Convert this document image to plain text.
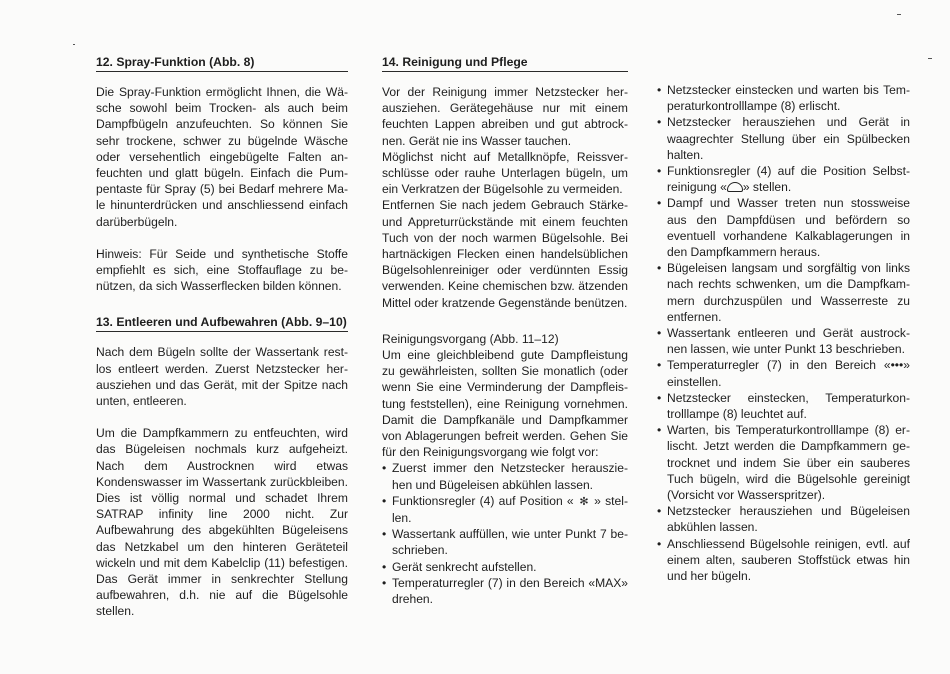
12. Spray-Funktion (Abb. 8)

Die Spray-Funktion ermöglicht Ihnen, die Wäsche sowohl beim Trocken- als auch beim Dampfbügeln anzufeuchten. So können Sie sehr trockene, schwer zu bügelnde Wäsche oder versehentlich eingebügelte Falten anfeuchten und glatt bügeln. Einfach die Pumpentaste für Spray (5) bei Bedarf mehrere Male hinunterdrücken und anschliessend einfach darüberbügeln.

Hinweis: Für Seide und synthetische Stoffe empfiehlt es sich, eine Stoffauflage zu benützen, da sich Wasserflecken bilden können.

13. Entleeren und Aufbewahren (Abb. 9–10)

Nach dem Bügeln sollte der Wassertank restlos entleert werden. Zuerst Netzstecker herausziehen und das Gerät, mit der Spitze nach unten, entleeren.

Um die Dampfkammern zu entfeuchten, wird das Bügeleisen nochmals kurz aufgeheizt. Nach dem Austrocknen wird etwas Kondenswasser im Wassertank zurückbleiben. Dies ist völlig normal und schadet Ihrem SATRAP infinity line 2000 nicht. Zur Aufbewahrung des abgekühlten Bügeleisens das Netzkabel um den hinteren Geräteteil wickeln und mit dem Kabelclip (11) befestigen. Das Gerät immer in senkrechter Stellung aufbewahren, d.h. nie auf die Bügelsohle stellen.

14. Reinigung und Pflege

Vor der Reinigung immer Netzstecker herausziehen. Gerätegehäuse nur mit einem feuchten Lappen abreiben und gut abtrocknen. Gerät nie ins Wasser tauchen.

Möglichst nicht auf Metallknöpfe, Reissverschlüsse oder rauhe Unterlagen bügeln, um ein Verkratzen der Bügelsohle zu vermeiden.

Entfernen Sie nach jedem Gebrauch Stärke- und Appreturrückstände mit einem feuchten Tuch von der noch warmen Bügelsohle. Bei hartnäckigen Flecken einen handelsüblichen Bügelsohlenreiniger oder verdünnten Essig verwenden. Keine chemischen bzw. ätzenden Mittel oder kratzende Gegenstände benützen.

Reinigungsvorgang (Abb. 11–12)

Um eine gleichbleibend gute Dampfleistung zu gewährleisten, sollten Sie monatlich (oder wenn Sie eine Verminderung der Dampfleistung feststellen), eine Reinigung vornehmen. Damit die Dampfkanäle und Dampfkammer von Ablagerungen befreit werden. Gehen Sie für den Reinigungsvorgang wie folgt vor:

• Zuerst immer den Netzstecker herausziehen und Bügeleisen abkühlen lassen.
• Funktionsregler (4) auf Position « ✻ » stellen.
• Wassertank auffüllen, wie unter Punkt 7 beschrieben.
• Gerät senkrecht aufstellen.
• Temperaturregler (7) in den Bereich «MAX» drehen.
• Netzstecker einstecken und warten bis Temperaturkontrolllampe (8) erlischt.
• Netzstecker herausziehen und Gerät in waagrechter Stellung über ein Spülbecken halten.
• Funktionsregler (4) auf die Position Selbstreinigung « » stellen.
• Dampf und Wasser treten nun stossweise aus den Dampfdüsen und befördern so eventuell vorhandene Kalkablagerungen in den Dampfkammern heraus.
• Bügeleisen langsam und sorgfältig von links nach rechts schwenken, um die Dampfkammern durchzuspülen und Wasserreste zu entfernen.
• Wassertank entleeren und Gerät austrocknen lassen, wie unter Punkt 13 beschrieben.
• Temperaturregler (7) in den Bereich «•••» einstellen.
• Netzstecker einstecken, Temperaturkontrolllampe (8) leuchtet auf.
• Warten, bis Temperaturkontrolllampe (8) erlischt. Jetzt werden die Dampfkammern getrocknet und indem Sie über ein sauberes Tuch bügeln, wird die Bügelsohle gereinigt (Vorsicht vor Wasserspritzer).
• Netzstecker herausziehen und Bügeleisen abkühlen lassen.
• Anschliessend Bügelsohle reinigen, evtl. auf einem alten, sauberen Stoffstück etwas hin und her bügeln.
